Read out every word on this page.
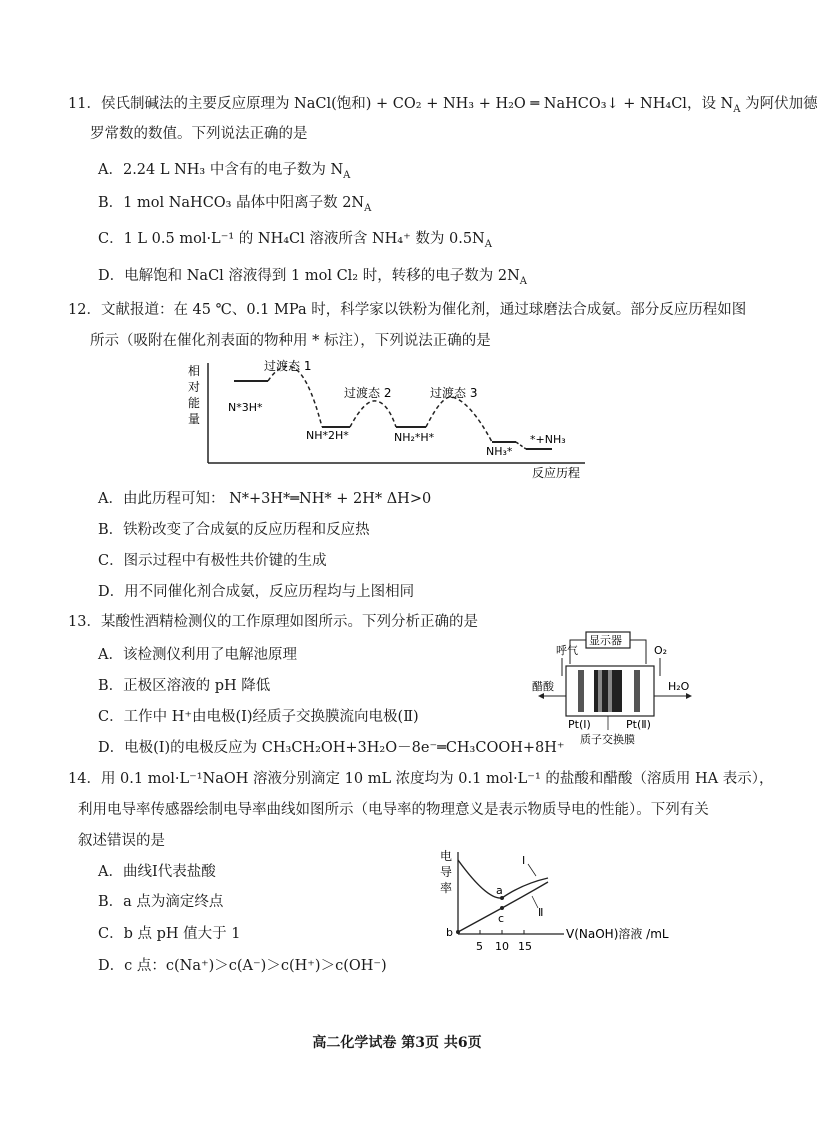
11．侯氏制碱法的主要反应原理为 NaCl(饱和) + CO₂ + NH₃ + H₂O ═ NaHCO₃↓ + NH₄Cl，设 $N_A$ 为阿伏加德
罗常数的数值。下列说法正确的是
A．2.24 L NH₃ 中含有的电子数为 $N_A$
B．1 mol NaHCO₃ 晶体中阳离子数 $2N_A$
C．1 L 0.5 mol·L⁻¹ 的 NH₄Cl 溶液所含 NH₄⁺ 数为 $0.5N_A$
D．电解饱和 NaCl 溶液得到 1 mol Cl₂ 时，转移的电子数为 $2N_A$
12．文献报道：在 45 ℃、0.1 MPa 时，科学家以铁粉为催化剂，通过球磨法合成氨。部分反应历程如图
所示（吸附在催化剂表面的物种用 * 标注），下列说法正确的是
相
对
能
量
反应历程
过渡态 1
过渡态 2	过渡态 3
N*3H*
NH*2H*	NH₂*H*
NH₃*
*+NH₃
A．由此历程可知： N*+3H*═NH* + 2H* ΔH>0
B．铁粉改变了合成氨的反应历程和反应热
C．图示过程中有极性共价键的生成
D．用不同催化剂合成氨，反应历程均与上图相同
13．某酸性酒精检测仪的工作原理如图所示。下列分析正确的是
A．该检测仪利用了电解池原理
B．正极区溶液的 pH 降低
C．工作中 H⁺由电极(Ⅰ)经质子交换膜流向电极(Ⅱ)
D．电极(Ⅰ)的电极反应为 CH₃CH₂OH+3H₂O－8e⁻═CH₃COOH+8H⁺
显示器
呼气	O₂
醋酸	H₂O
Pt(Ⅰ)	Pt(Ⅱ)
质子交换膜
14．用 0.1 mol·L⁻¹NaOH 溶液分别滴定 10 mL 浓度均为 0.1 mol·L⁻¹ 的盐酸和醋酸（溶质用 HA 表示），
利用电导率传感器绘制电导率曲线如图所示（电导率的物理意义是表示物质导电的性能）。下列有关
叙述错误的是
A．曲线Ⅰ代表盐酸
B．a 点为滴定终点
C．b 点 pH 值大于 1
D．c 点：c(Na⁺)＞c(A⁻)＞c(H⁺)＞c(OH⁻)
电
导
率
V(NaOH)溶液 /mL
5 10 15
Ⅰ
Ⅱ
a
c
b
高二化学试卷 第3页 共6页
